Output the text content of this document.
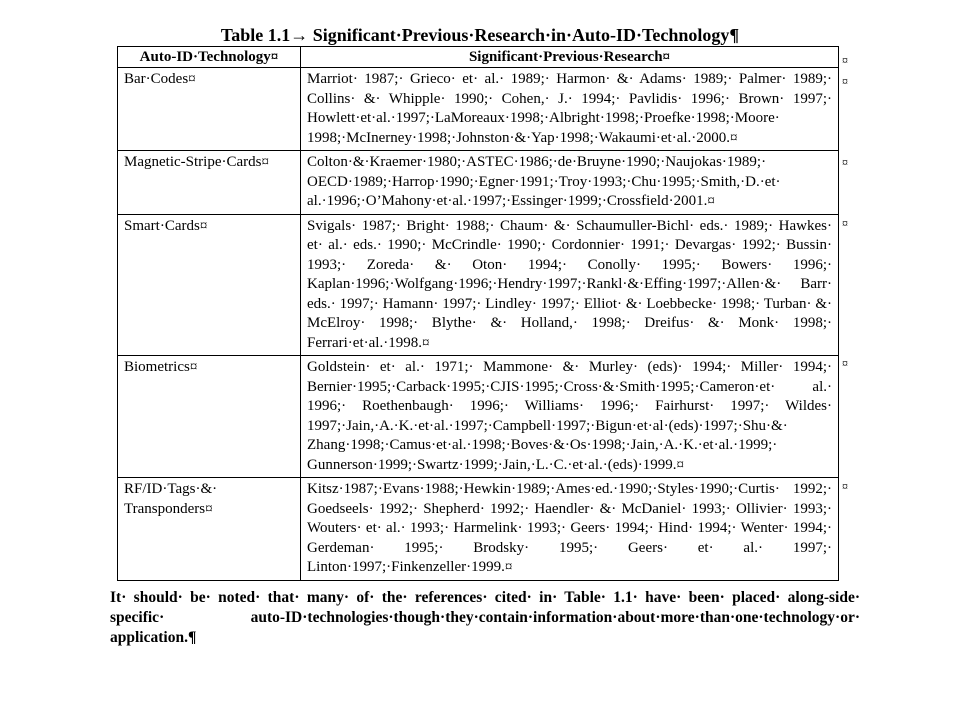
Table 1.1→ Significant·Previous·Research·in·Auto-ID·Technology¶
Auto-ID·Technology¤	Significant·Previous·Research¤
Bar·Codes¤	Marriot· 1987;· Grieco· et· al.· 1989;· Harmon· &· Adams· 1989;· Palmer· 1989;· Collins· &· Whipple· 1990;· Cohen,· J.· 1994;· Pavlidis· 1996;· Brown· 1997;· Howlett·et·al.·1997;·LaMoreaux·1998;·Albright·1998;·Proefke·1998;·Moore· 1998;·McInerney·1998;·Johnston·&·Yap·1998;·Wakaumi·et·al.·2000.¤
Magnetic-Stripe·Cards¤	Colton·&·Kraemer·1980;·ASTEC·1986;·de·Bruyne·1990;·Naujokas·1989;· OECD·1989;·Harrop·1990;·Egner·1991;·Troy·1993;·Chu·1995;·Smith,·D.·et· al.·1996;·O’Mahony·et·al.·1997;·Essinger·1999;·Crossfield·2001.¤
Smart·Cards¤	Svigals· 1987;· Bright· 1988;· Chaum· &· Schaumuller-Bichl· eds.· 1989;· Hawkes· et· al.· eds.· 1990;· McCrindle· 1990;· Cordonnier· 1991;· Devargas· 1992;· Bussin· 1993;· Zoreda· &· Oton· 1994;· Conolly· 1995;· Bowers· 1996;· Kaplan·1996;·Wolfgang·1996;·Hendry·1997;·Rankl·&·Effing·1997;·Allen·&· Barr· eds.· 1997;· Hamann· 1997;· Lindley· 1997;· Elliot· &· Loebbecke· 1998;· Turban· &· McElroy· 1998;· Blythe· &· Holland,· 1998;· Dreifus· &· Monk· 1998;· Ferrari·et·al.·1998.¤
Biometrics¤	Goldstein· et· al.· 1971;· Mammone· &· Murley· (eds)· 1994;· Miller· 1994;· Bernier·1995;·Carback·1995;·CJIS·1995;·Cross·&·Smith·1995;·Cameron·et· al.· 1996;· Roethenbaugh· 1996;· Williams· 1996;· Fairhurst· 1997;· Wildes· 1997;·Jain,·A.·K.·et·al.·1997;·Campbell·1997;·Bigun·et·al·(eds)·1997;·Shu·&· Zhang·1998;·Camus·et·al.·1998;·Boves·&·Os·1998;·Jain,·A.·K.·et·al.·1999;· Gunnerson·1999;·Swartz·1999;·Jain,·L.·C.·et·al.·(eds)·1999.¤
RF/ID·Tags·&· Transponders¤	Kitsz·1987;·Evans·1988;·Hewkin·1989;·Ames·ed.·1990;·Styles·1990;·Curtis· 1992;· Goedseels· 1992;· Shepherd· 1992;· Haendler· &· McDaniel· 1993;· Ollivier· 1993;· Wouters· et· al.· 1993;· Harmelink· 1993;· Geers· 1994;· Hind· 1994;· Wenter· 1994;· Gerdeman· 1995;· Brodsky· 1995;· Geers· et· al.· 1997;· Linton·1997;·Finkenzeller·1999.¤
¤
¤
¤
¤
¤
¤
It· should· be· noted· that· many· of· the· references· cited· in· Table· 1.1· have· been· placed· along-side· specific· auto-ID·technologies·though·they·contain·information·about·more·than·one·technology·or· application.¶
